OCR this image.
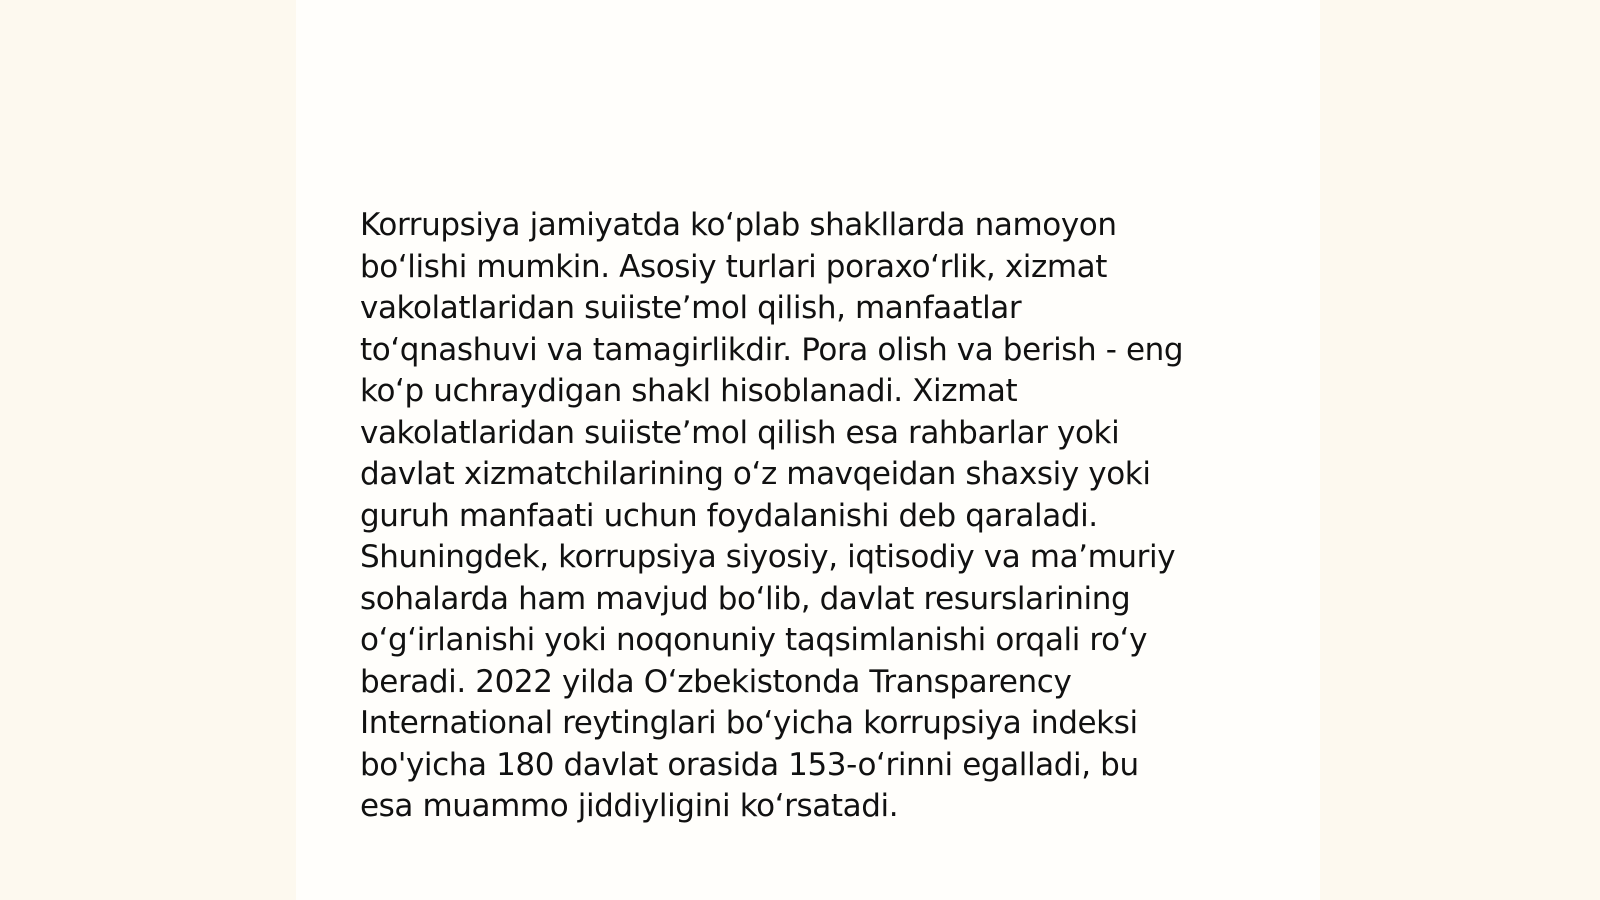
Korrupsiya jamiyatda koʻplab shakllarda namoyon
boʻlishi mumkin. Asosiy turlari poraxoʻrlik, xizmat
vakolatlaridan suiisteʼmol qilish, manfaatlar
toʻqnashuvi va tamagirlikdir. Pora olish va berish - eng
koʻp uchraydigan shakl hisoblanadi. Xizmat
vakolatlaridan suiisteʼmol qilish esa rahbarlar yoki
davlat xizmatchilarining oʻz mavqeidan shaxsiy yoki
guruh manfaati uchun foydalanishi deb qaraladi.
Shuningdek, korrupsiya siyosiy, iqtisodiy va maʼmuriy
sohalarda ham mavjud boʻlib, davlat resurslarining
oʻgʻirlanishi yoki noqonuniy taqsimlanishi orqali roʻy
beradi. 2022 yilda Oʻzbekistonda Transparency
International reytinglari boʻyicha korrupsiya indeksi
bo'yicha 180 davlat orasida 153-oʻrinni egalladi, bu
esa muammo jiddiyligini koʻrsatadi.
